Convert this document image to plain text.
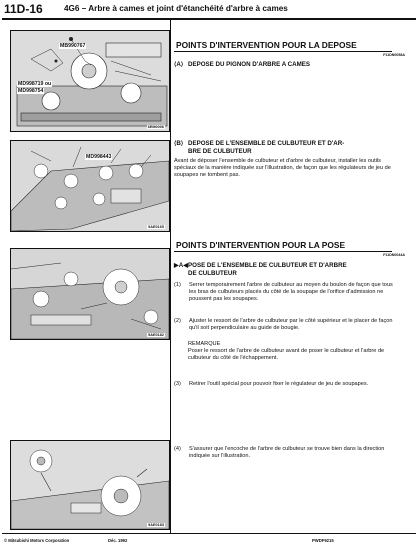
11D-16	4G6 – Arbre à cames et joint d'étanchéité d'arbre à cames
MB990767
MD998719 ou
MD998754
6EM0006
MD998443
9AE0165
9AE0182
9AE0183
POINTS D'INTERVENTION POUR LA DEPOSE
F11DN0058A
⟨A⟩ DEPOSE DU PIGNON D'ARBRE A CAMES
⟨B⟩ DEPOSE DE L'ENSEMBLE DE CULBUTEUR ET D'AR-
BRE DE CULBUTEUR
Avant de déposer l'ensemble de culbuteur et d'arbre de culbuteur, installer les outils spéciaux de la manière indiquée sur l'illustration, de façon que les régulateurs de jeu de soupapes ne tombent pas.
POINTS D'INTERVENTION POUR LA POSE
F11DN0044A
▶A◀POSE DE L'ENSEMBLE DE CULBUTEUR ET D'ARBRE
DE CULBUTEUR
(1) Serrer temporairement l'arbre de culbuteur au moyen du boulon de façon que tous les bras de culbuteurs placés du côté de la soupape de l'orifice d'admission ne poussent pas les soupapes.
(2) Ajuster le ressort de l'arbre de culbuteur par le côté supérieur et le placer de façon qu'il soit perpendiculaire au guide de bougie.
REMARQUE
Poser le ressort de l'arbre de culbuteur avant de poser le culbuteur et l'arbre de culbuteur du côté de l'échappement.
(3) Retirer l'outil spécial pour pouvoir fixer le régulateur de jeu de soupapes.
(4) S'assurer que l'encoche de l'arbre de culbuteur se trouve bien dans la direction indiquée sur l'illustration.
© Mitsubishi Motors Corporation	Déc. 1992	PWDF9215
